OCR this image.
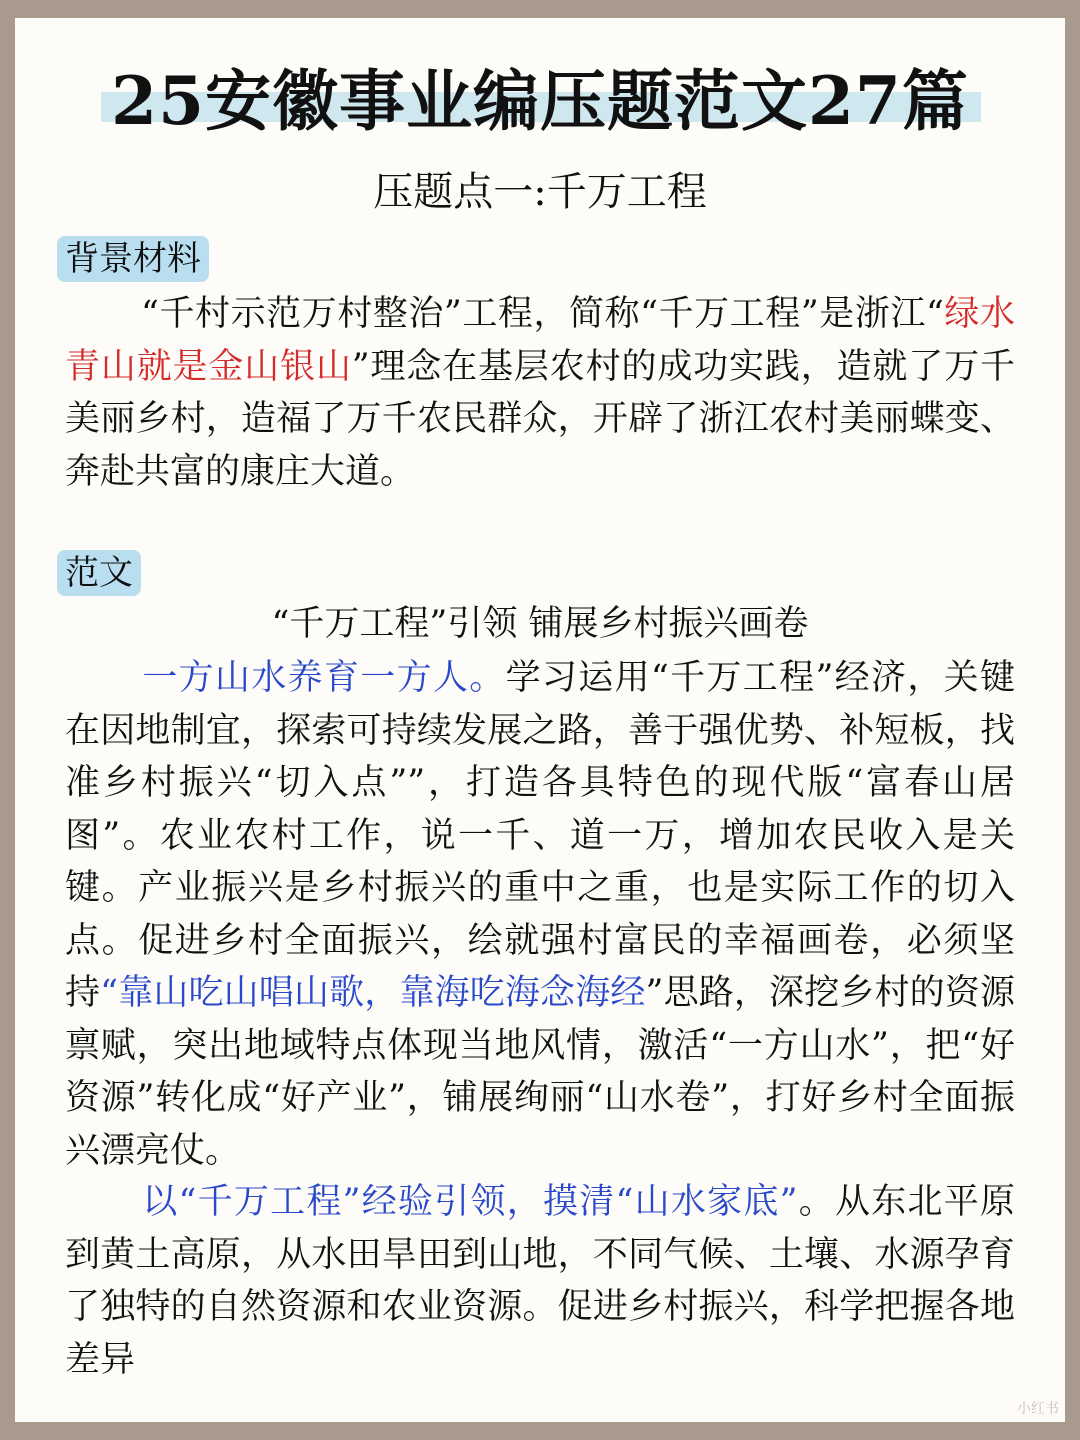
25安徽事业编压题范文27篇
压题点一:千万工程
背景材料
“千村示范万村整治”工程，简称“千万工程”是浙江“绿水青山就是金山银山”理念在基层农村的成功实践，造就了万千美丽乡村，造福了万千农民群众，开辟了浙江农村美丽蝶变、奔赴共富的康庄大道。
范文
“千万工程”引领 铺展乡村振兴画卷
一方山水养育一方人。学习运用“千万工程”经济，关键在因地制宜，探索可持续发展之路，善于强优势、补短板，找准乡村振兴“切入点””，打造各具特色的现代版“富春山居图”。农业农村工作，说一千、道一万，增加农民收入是关键。产业振兴是乡村振兴的重中之重，也是实际工作的切入点。促进乡村全面振兴，绘就强村富民的幸福画卷，必须坚持“靠山吃山唱山歌，靠海吃海念海经”思路，深挖乡村的资源禀赋，突出地域特点体现当地风情，激活“一方山水”，把“好资源”转化成“好产业”，铺展绚丽“山水卷”，打好乡村全面振兴漂亮仗。
以“千万工程”经验引领，摸清“山水家底”。从东北平原到黄土高原，从水田旱田到山地，不同气候、土壤、水源孕育了独特的自然资源和农业资源。促进乡村振兴，科学把握各地差异
小红书
